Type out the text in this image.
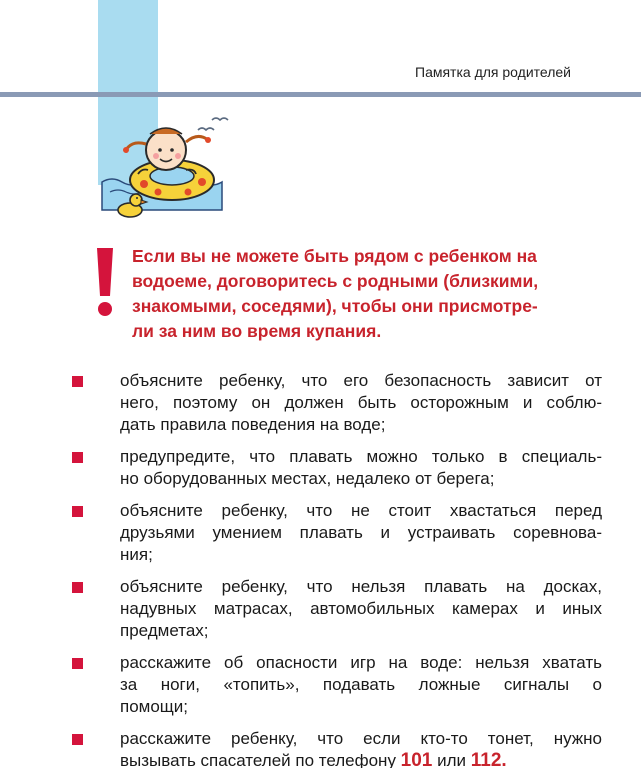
Памятка для родителей
Если вы не можете быть рядом с ребенком на
водоеме, договоритесь с родными (близкими,
знакомыми, соседями), чтобы они присмотре-
ли за ним во время купания.
объясните ребенку, что его безопасность зависит от
него, поэтому он должен быть осторожным и соблю-
дать правила поведения на воде;
предупредите, что плавать можно только в специаль-
но оборудованных местах, недалеко от берега;
объясните ребенку, что не стоит хвастаться перед
друзьями умением плавать и устраивать соревнова-
ния;
объясните ребенку, что нельзя плавать на досках,
надувных матрасах, автомобильных камерах и иных
предметах;
расскажите об опасности игр на воде: нельзя хватать
за ноги, «топить», подавать ложные сигналы о
помощи;
расскажите ребенку, что если кто-то тонет, нужно
вызывать спасателей по телефону 101 или 112.
